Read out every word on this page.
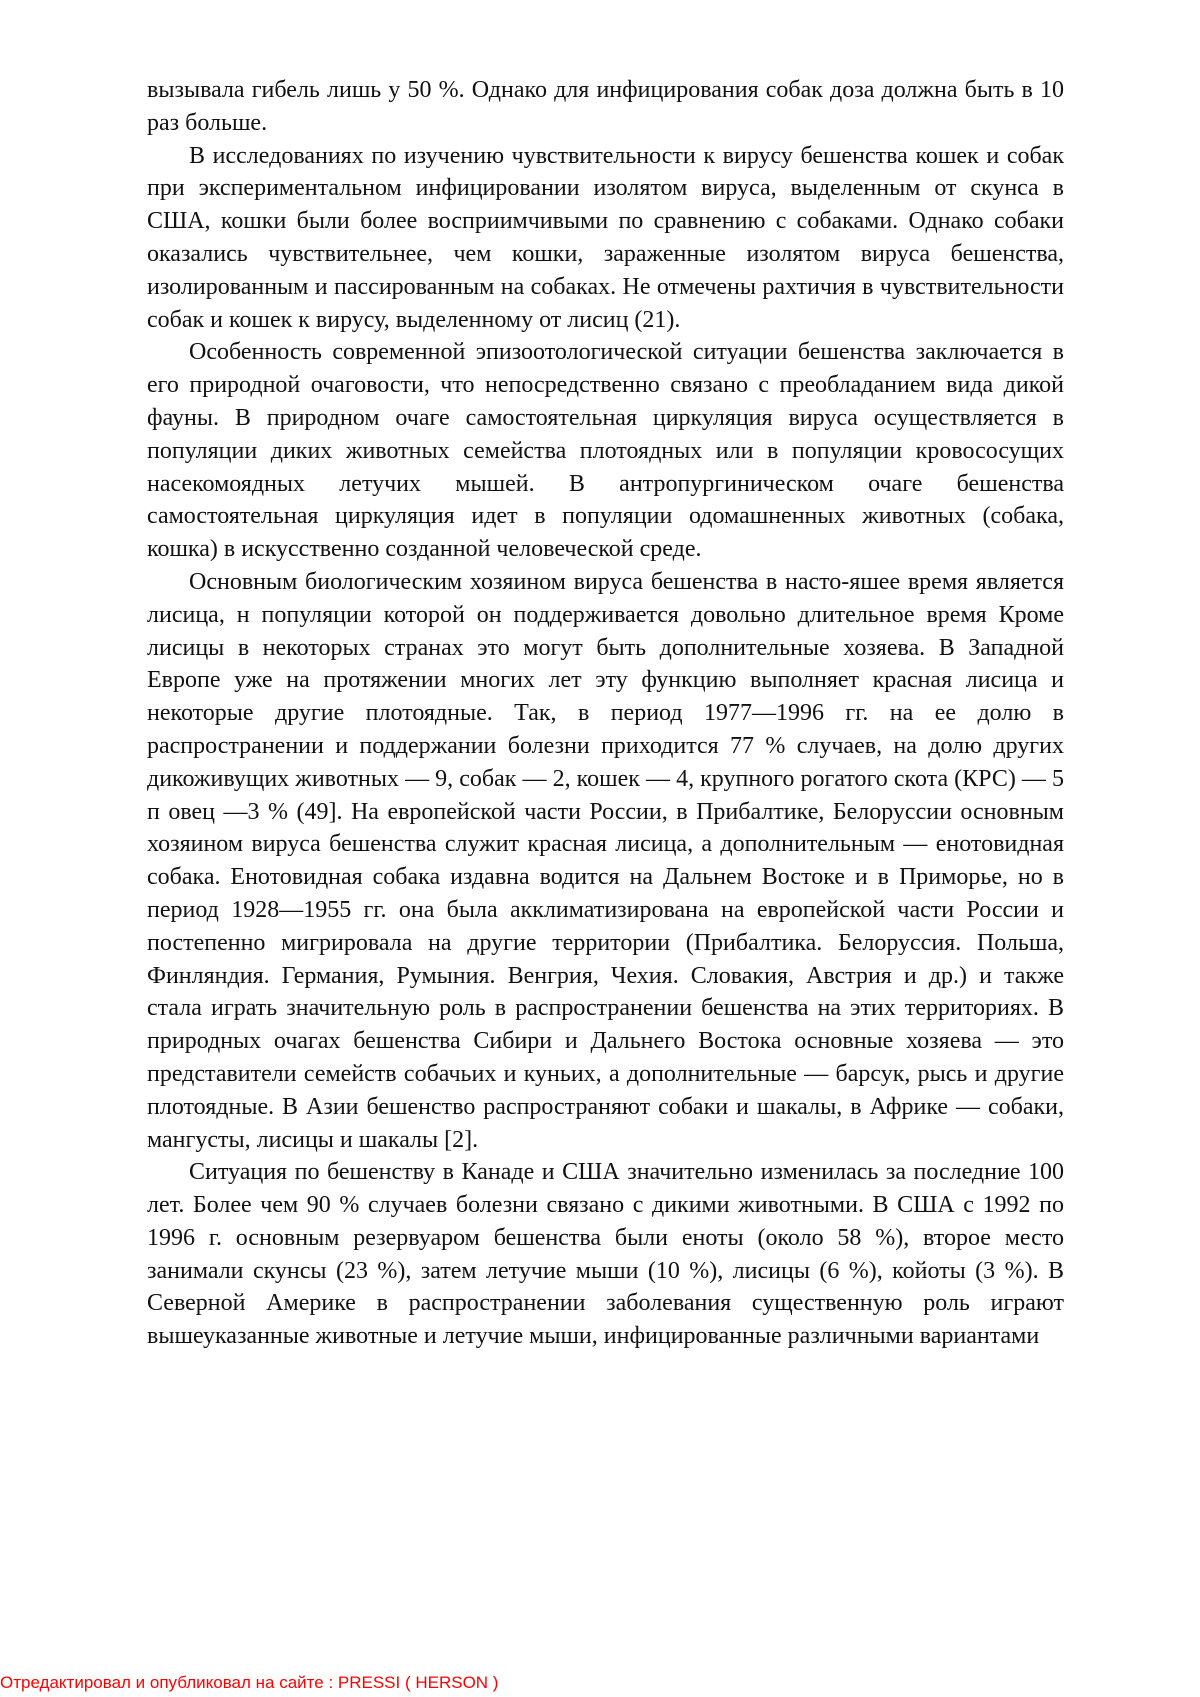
вызывала гибель лишь у 50 %. Однако для инфицирования собак доза должна быть в 10 раз больше.

В исследованиях по изучению чувствительности к вирусу бешенства кошек и собак при экспериментальном инфицировании изолятом вируса, выделенным от скунса в США, кошки были более восприимчивыми по сравнению с собаками. Однако собаки оказались чувствительнее, чем кошки, зараженные изолятом вируса бешенства, изолированным и пассированным на собаках. Не отмечены рахтичия в чувствительности собак и кошек к вирусу, выделенному от лисиц (21).

Особенность современной эпизоотологической ситуации бешенства заключается в его природной очаговости, что непосредственно связано с преобладанием вида дикой фауны. В природном очаге самостоятельная циркуляция вируса осуществляется в популяции диких животных семейства плотоядных или в популяции кровососущих насекомоядных летучих мышей. В антропургиническом очаге бешенства самостоятельная циркуляция идет в популяции одомашненных животных (собака, кошка) в искусственно созданной человеческой среде.

Основным биологическим хозяином вируса бешенства в насто-яшее время является лисица, н популяции которой он поддерживается довольно длительное время Кроме лисицы в некоторых странах это могут быть дополнительные хозяева. В Западной Европе уже на протяжении многих лет эту функцию выполняет красная лисица и некоторые другие плотоядные. Так, в период 1977—1996 гг. на ее долю в распространении и поддержании болезни приходится 77 % случаев, на долю других дикоживущих животных — 9, собак — 2, кошек — 4, крупного рогатого скота (КРС) — 5 п овец —3 % (49]. На европейской части России, в Прибалтике, Белоруссии основным хозяином вируса бешенства служит красная лисица, а дополнительным — енотовидная собака. Енотовидная собака издавна водится на Дальнем Востоке и в Приморье, но в период 1928—1955 гг. она была акклиматизирована на европейской части России и постепенно мигрировала на другие территории (Прибалтика. Белоруссия. Польша, Финляндия. Германия, Румыния. Венгрия, Чехия. Словакия, Австрия и др.) и также стала играть значительную роль в распространении бешенства на этих территориях. В природных очагах бешенства Сибири и Дальнего Востока основные хозяева — это представители семейств собачьих и куньих, а дополнительные — барсук, рысь и другие плотоядные. В Азии бешенство распространяют собаки и шакалы, в Африке — собаки, мангусты, лисицы и шакалы [2].

Ситуация по бешенству в Канаде и США значительно изменилась за последние 100 лет. Более чем 90 % случаев болезни связано с дикими животными. В США с 1992 по 1996 г. основным резервуаром бешенства были еноты (около 58 %), второе место занимали скунсы (23 %), затем летучие мыши (10 %), лисицы (6 %), койоты (3 %). В Северной Америке в распространении заболевания существенную роль играют вышеуказанные животные и летучие мыши, инфицированные различными вариантами

Отредактировал и опубликовал на сайте : PRESSI ( HERSON )
